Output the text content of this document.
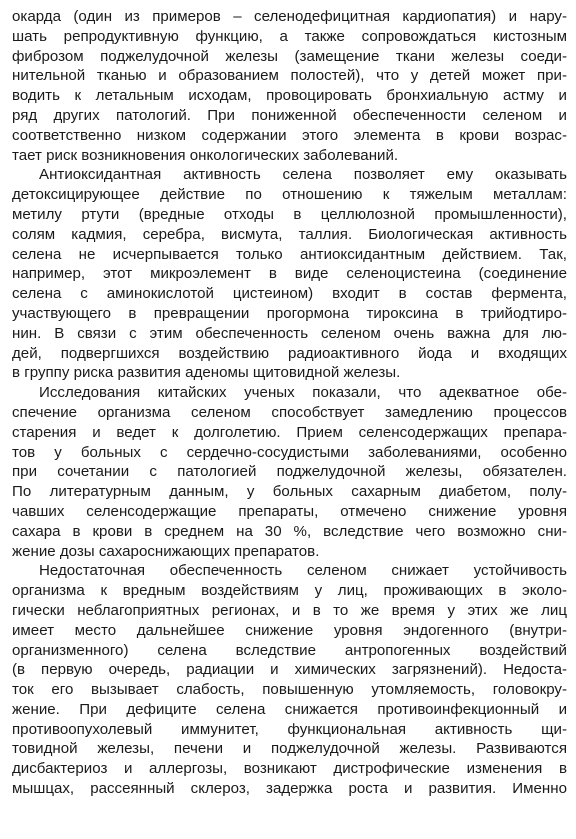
окарда (один из примеров – селенодефицитная кардиопатия) и нару-
шать репродуктивную функцию, а также сопровождаться кистозным
фиброзом поджелудочной железы (замещение ткани железы соеди-
нительной тканью и образованием полостей), что у детей может при-
водить к летальным исходам, провоцировать бронхиальную астму и
ряд других патологий. При пониженной обеспеченности селеном и
соответственно низком содержании этого элемента в крови возрас-
тает риск возникновения онкологических заболеваний.

Антиоксидантная активность селена позволяет ему оказывать
детоксицирующее действие по отношению к тяжелым металлам:
метилу ртути (вредные отходы в целлюлозной промышленности),
солям кадмия, серебра, висмута, таллия. Биологическая активность
селена не исчерпывается только антиоксидантным действием. Так,
например, этот микроэлемент в виде селеноцистеина (соединение
селена с аминокислотой цистеином) входит в состав фермента,
участвующего в превращении прогормона тироксина в трийодтиро-
нин. В связи с этим обеспеченность селеном очень важна для лю-
дей, подвергшихся воздействию радиоактивного йода и входящих
в группу риска развития аденомы щитовидной железы.

Исследования китайских ученых показали, что адекватное обе-
спечение организма селеном способствует замедлению процессов
старения и ведет к долголетию. Прием селенсодержащих препара-
тов у больных с сердечно-сосудистыми заболеваниями, особенно
при сочетании с патологией поджелудочной железы, обязателен.
По литературным данным, у больных сахарным диабетом, полу-
чавших селенсодержащие препараты, отмечено снижение уровня
сахара в крови в среднем на 30 %, вследствие чего возможно сни-
жение дозы сахароснижающих препаратов.

Недостаточная обеспеченность селеном снижает устойчивость
организма к вредным воздействиям у лиц, проживающих в эколо-
гически неблагоприятных регионах, и в то же время у этих же лиц
имеет место дальнейшее снижение уровня эндогенного (внутри-
организменного) селена вследствие антропогенных воздействий
(в первую очередь, радиации и химических загрязнений). Недоста-
ток его вызывает слабость, повышенную утомляемость, головокру-
жение. При дефиците селена снижается противоинфекционный и
противоопухолевый иммунитет, функциональная активность щи-
товидной железы, печени и поджелудочной железы. Развиваются
дисбактериоз и аллергозы, возникают дистрофические изменения в
мышцах, рассеянный склероз, задержка роста и развития. Именно
